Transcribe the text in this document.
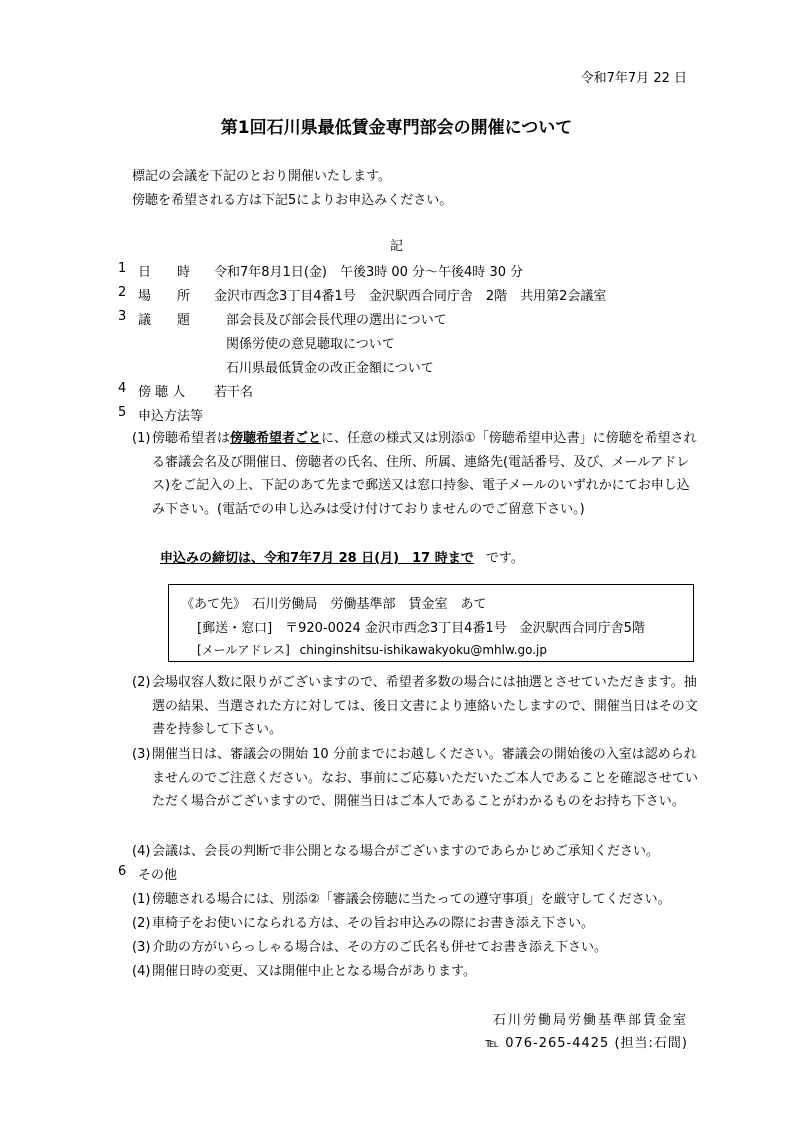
令和7年7月 22 日
第1回石川県最低賃金専門部会の開催について
標記の会議を下記のとおり開催いたします。
傍聴を希望される方は下記5によりお申込みください。
記
1 日　　時 令和7年8月1日(金)　午後3時 00 分～午後4時 30 分
2 場　　所 金沢市西念3丁目4番1号　金沢駅西合同庁舎　2階　共用第2会議室
3 議　　題	部会長及び部会長代理の選出について
関係労使の意見聴取について
石川県最低賃金の改正金額について
4 傍 聴 人 若干名
5 申込方法等
(1) 傍聴希望者は傍聴希望者ごとに、任意の様式又は別添①「傍聴希望申込書」に傍聴を希望される審議会名及び開催日、傍聴者の氏名、住所、所属、連絡先(電話番号、及び、メールアドレス)をご記入の上、下記のあて先まで郵送又は窓口持参、電子メールのいずれかにてお申し込み下さい。(電話での申し込みは受け付けておりませんのでご留意下さい。)
申込みの締切は、令和7年7月 28 日(月)　17 時まで です。
《あて先》　石川労働局　労働基準部　賃金室　あて
[郵送・窓口]　〒920-0024 金沢市西念3丁目4番1号　金沢駅西合同庁舎5階
[メールアドレス] chinginshitsu-ishikawakyoku@mhlw.go.jp
(2) 会場収容人数に限りがございますので、希望者多数の場合には抽選とさせていただきます。抽選の結果、当選された方に対しては、後日文書により連絡いたしますので、開催当日はその文書を持参して下さい。
(3) 開催当日は、審議会の開始 10 分前までにお越しください。審議会の開始後の入室は認められませんのでご注意ください。なお、事前にご応募いただいたご本人であることを確認させていただく場合がございますので、開催当日はご本人であることがわかるものをお持ち下さい。
(4) 会議は、会長の判断で非公開となる場合がございますのであらかじめご承知ください。
6 その他
(1) 傍聴される場合には、別添②「審議会傍聴に当たっての遵守事項」を厳守してください。
(2) 車椅子をお使いになられる方は、その旨お申込みの際にお書き添え下さい。
(3) 介助の方がいらっしゃる場合は、その方のご氏名も併せてお書き添え下さい。
(4) 開催日時の変更、又は開催中止となる場合があります。
石川労働局労働基準部賃金室
℡ 076-265-4425 (担当:石間)
